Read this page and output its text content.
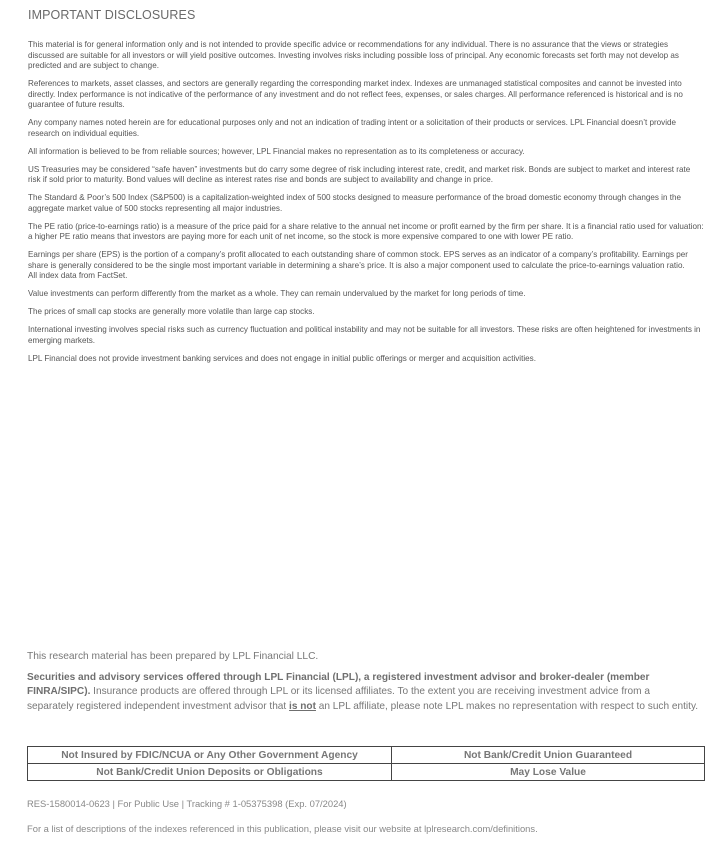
IMPORTANT DISCLOSURES

This material is for general information only and is not intended to provide specific advice or recommendations for any individual. There is no assurance that the views or strategies discussed are suitable for all investors or will yield positive outcomes. Investing involves risks including possible loss of principal. Any economic forecasts set forth may not develop as predicted and are subject to change.

References to markets, asset classes, and sectors are generally regarding the corresponding market index. Indexes are unmanaged statistical composites and cannot be invested into directly. Index performance is not indicative of the performance of any investment and do not reflect fees, expenses, or sales charges. All performance referenced is historical and is no guarantee of future results.

Any company names noted herein are for educational purposes only and not an indication of trading intent or a solicitation of their products or services. LPL Financial doesn’t provide research on individual equities.

All information is believed to be from reliable sources; however, LPL Financial makes no representation as to its completeness or accuracy.

US Treasuries may be considered “safe haven” investments but do carry some degree of risk including interest rate, credit, and market risk. Bonds are subject to market and interest rate risk if sold prior to maturity. Bond values will decline as interest rates rise and bonds are subject to availability and change in price.

The Standard & Poor’s 500 Index (S&P500) is a capitalization-weighted index of 500 stocks designed to measure performance of the broad domestic economy through changes in the aggregate market value of 500 stocks representing all major industries.

The PE ratio (price-to-earnings ratio) is a measure of the price paid for a share relative to the annual net income or profit earned by the firm per share. It is a financial ratio used for valuation: a higher PE ratio means that investors are paying more for each unit of net income, so the stock is more expensive compared to one with lower PE ratio.

Earnings per share (EPS) is the portion of a company’s profit allocated to each outstanding share of common stock. EPS serves as an indicator of a company’s profitability. Earnings per share is generally considered to be the single most important variable in determining a share’s price. It is also a major component used to calculate the price-to-earnings valuation ratio.
All index data from FactSet.

Value investments can perform differently from the market as a whole. They can remain undervalued by the market for long periods of time.

The prices of small cap stocks are generally more volatile than large cap stocks.

International investing involves special risks such as currency fluctuation and political instability and may not be suitable for all investors. These risks are often heightened for investments in emerging markets.

LPL Financial does not provide investment banking services and does not engage in initial public offerings or merger and acquisition activities.

This research material has been prepared by LPL Financial LLC.
Securities and advisory services offered through LPL Financial (LPL), a registered investment advisor and broker-dealer (member FINRA/SIPC). Insurance products are offered through LPL or its licensed affiliates. To the extent you are receiving investment advice from a separately registered independent investment advisor that is not an LPL affiliate, please note LPL makes no representation with respect to such entity.
Not Insured by FDIC/NCUA or Any Other Government Agency	Not Bank/Credit Union Guaranteed
Not Bank/Credit Union Deposits or Obligations	May Lose Value
RES-1580014-0623 | For Public Use | Tracking # 1-05375398 (Exp. 07/2024)
For a list of descriptions of the indexes referenced in this publication, please visit our website at lplresearch.com/definitions.
